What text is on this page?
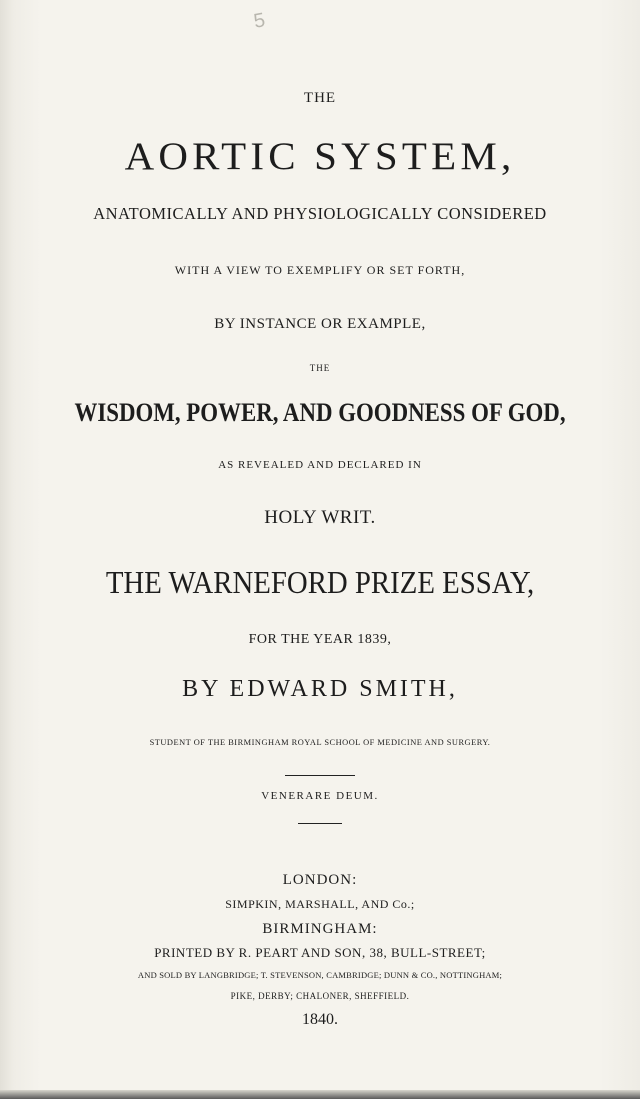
5
THE
AORTIC SYSTEM,
ANATOMICALLY AND PHYSIOLOGICALLY CONSIDERED
WITH A VIEW TO EXEMPLIFY OR SET FORTH,
BY INSTANCE OR EXAMPLE,
THE
WISDOM, POWER, AND GOODNESS OF GOD,
AS REVEALED AND DECLARED IN
HOLY WRIT.
THE WARNEFORD PRIZE ESSAY,
FOR THE YEAR 1839,
BY EDWARD SMITH,
STUDENT OF THE BIRMINGHAM ROYAL SCHOOL OF MEDICINE AND SURGERY.
VENERARE DEUM.
LONDON:
SIMPKIN, MARSHALL, AND Co.;
BIRMINGHAM:
PRINTED BY R. PEART AND SON, 38, BULL-STREET;
AND SOLD BY LANGBRIDGE; T. STEVENSON, CAMBRIDGE; DUNN & CO., NOTTINGHAM;
PIKE, DERBY; CHALONER, SHEFFIELD.
1840.
